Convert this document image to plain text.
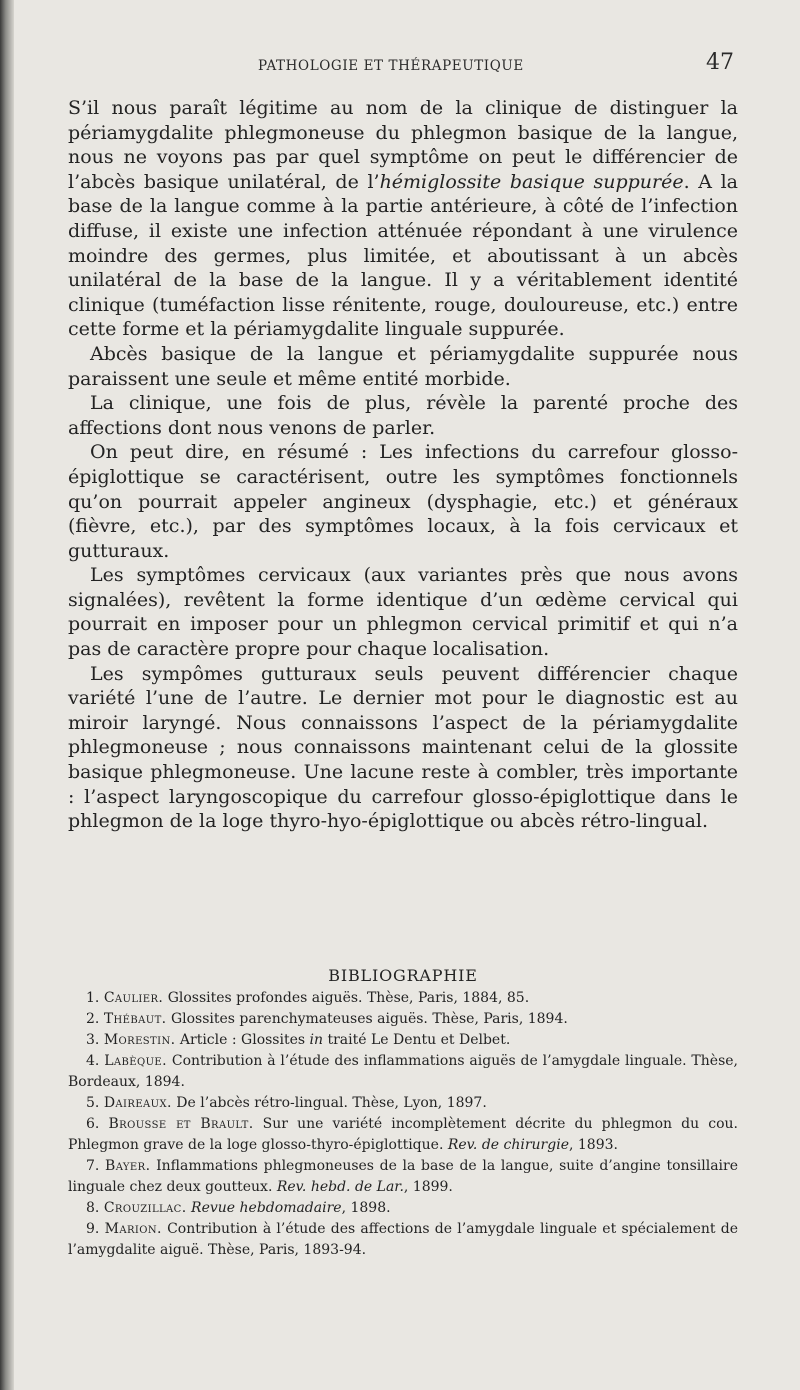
PATHOLOGIE ET THÉRAPEUTIQUE	47

S’il nous paraît légitime au nom de la clinique de distinguer la périamygdalite phlegmoneuse du phlegmon basique de la langue, nous ne voyons pas par quel symptôme on peut le différencier de l’abcès basique unilatéral, de l’hémiglossite basique suppurée. A la base de la langue comme à la partie antérieure, à côté de l’infection diffuse, il existe une infection atténuée répondant à une virulence moindre des germes, plus limitée, et aboutissant à un abcès unilatéral de la base de la langue. Il y a véritablement identité clinique (tuméfaction lisse rénitente, rouge, douloureuse, etc.) entre cette forme et la périamygdalite linguale suppurée.

Abcès basique de la langue et périamygdalite suppurée nous paraissent une seule et même entité morbide.

La clinique, une fois de plus, révèle la parenté proche des affections dont nous venons de parler.

On peut dire, en résumé : Les infections du carrefour glosso-épiglottique se caractérisent, outre les symptômes fonctionnels qu’on pourrait appeler angineux (dysphagie, etc.) et généraux (fièvre, etc.), par des symptômes locaux, à la fois cervicaux et gutturaux.

Les symptômes cervicaux (aux variantes près que nous avons signalées), revêtent la forme identique d’un œdème cervical qui pourrait en imposer pour un phlegmon cervical primitif et qui n’a pas de caractère propre pour chaque localisation.

Les sympômes gutturaux seuls peuvent différencier chaque variété l’une de l’autre. Le dernier mot pour le diagnostic est au miroir laryngé. Nous connaissons l’aspect de la périamygdalite phlegmoneuse ; nous connaissons maintenant celui de la glossite basique phlegmoneuse. Une lacune reste à combler, très importante : l’aspect laryngoscopique du carrefour glosso-épiglottique dans le phlegmon de la loge thyro-hyo-épiglottique ou abcès rétro-lingual.

BIBLIOGRAPHIE
1. Caulier. Glossites profondes aiguës. Thèse, Paris, 1884, 85.
2. Thébaut. Glossites parenchymateuses aiguës. Thèse, Paris, 1894.
3. Morestin. Article : Glossites in traité Le Dentu et Delbet.
4. Labèque. Contribution à l’étude des inflammations aiguës de l’amygdale linguale. Thèse, Bordeaux, 1894.
5. Daireaux. De l’abcès rétro-lingual. Thèse, Lyon, 1897.
6. Brousse et Brault. Sur une variété incomplètement décrite du phlegmon du cou. Phlegmon grave de la loge glosso-thyro-épiglottique. Rev. de chirurgie, 1893.
7. Bayer. Inflammations phlegmoneuses de la base de la langue, suite d’angine tonsillaire linguale chez deux goutteux. Rev. hebd. de Lar., 1899.
8. Crouzillac. Revue hebdomadaire, 1898.
9. Marion. Contribution à l’étude des affections de l’amygdale linguale et spécialement de l’amygdalite aiguë. Thèse, Paris, 1893-94.
